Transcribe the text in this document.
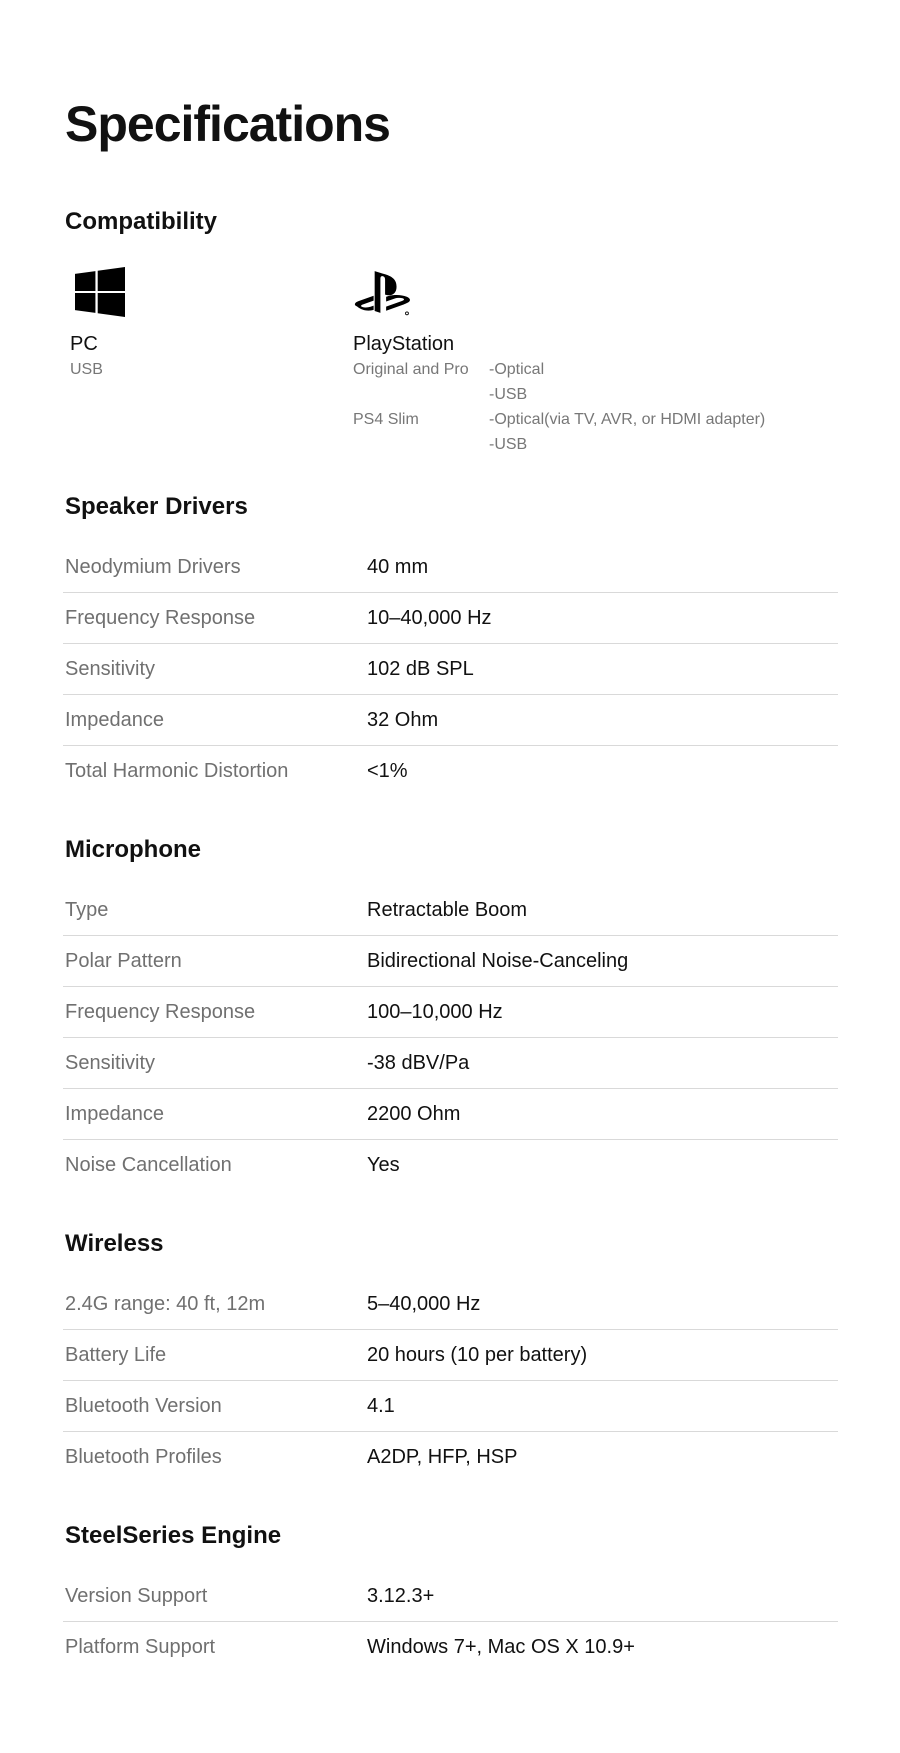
Specifications
Compatibility
PC
USB
PlayStation
Original and Pro	-Optical
-USB
PS4 Slim	-Optical(via TV, AVR, or HDMI adapter)
-USB
Speaker Drivers
Neodymium Drivers	40 mm
Frequency Response	10–40,000 Hz
Sensitivity	102 dB SPL
Impedance	32 Ohm
Total Harmonic Distortion	<1%
Microphone
Type	Retractable Boom
Polar Pattern	Bidirectional Noise-Canceling
Frequency Response	100–10,000 Hz
Sensitivity	-38 dBV/Pa
Impedance	2200 Ohm
Noise Cancellation	Yes
Wireless
2.4G range: 40 ft, 12m	5–40,000 Hz
Battery Life	20 hours (10 per battery)
Bluetooth Version	4.1
Bluetooth Profiles	A2DP, HFP, HSP
SteelSeries Engine
Version Support	3.12.3+
Platform Support	Windows 7+, Mac OS X 10.9+
